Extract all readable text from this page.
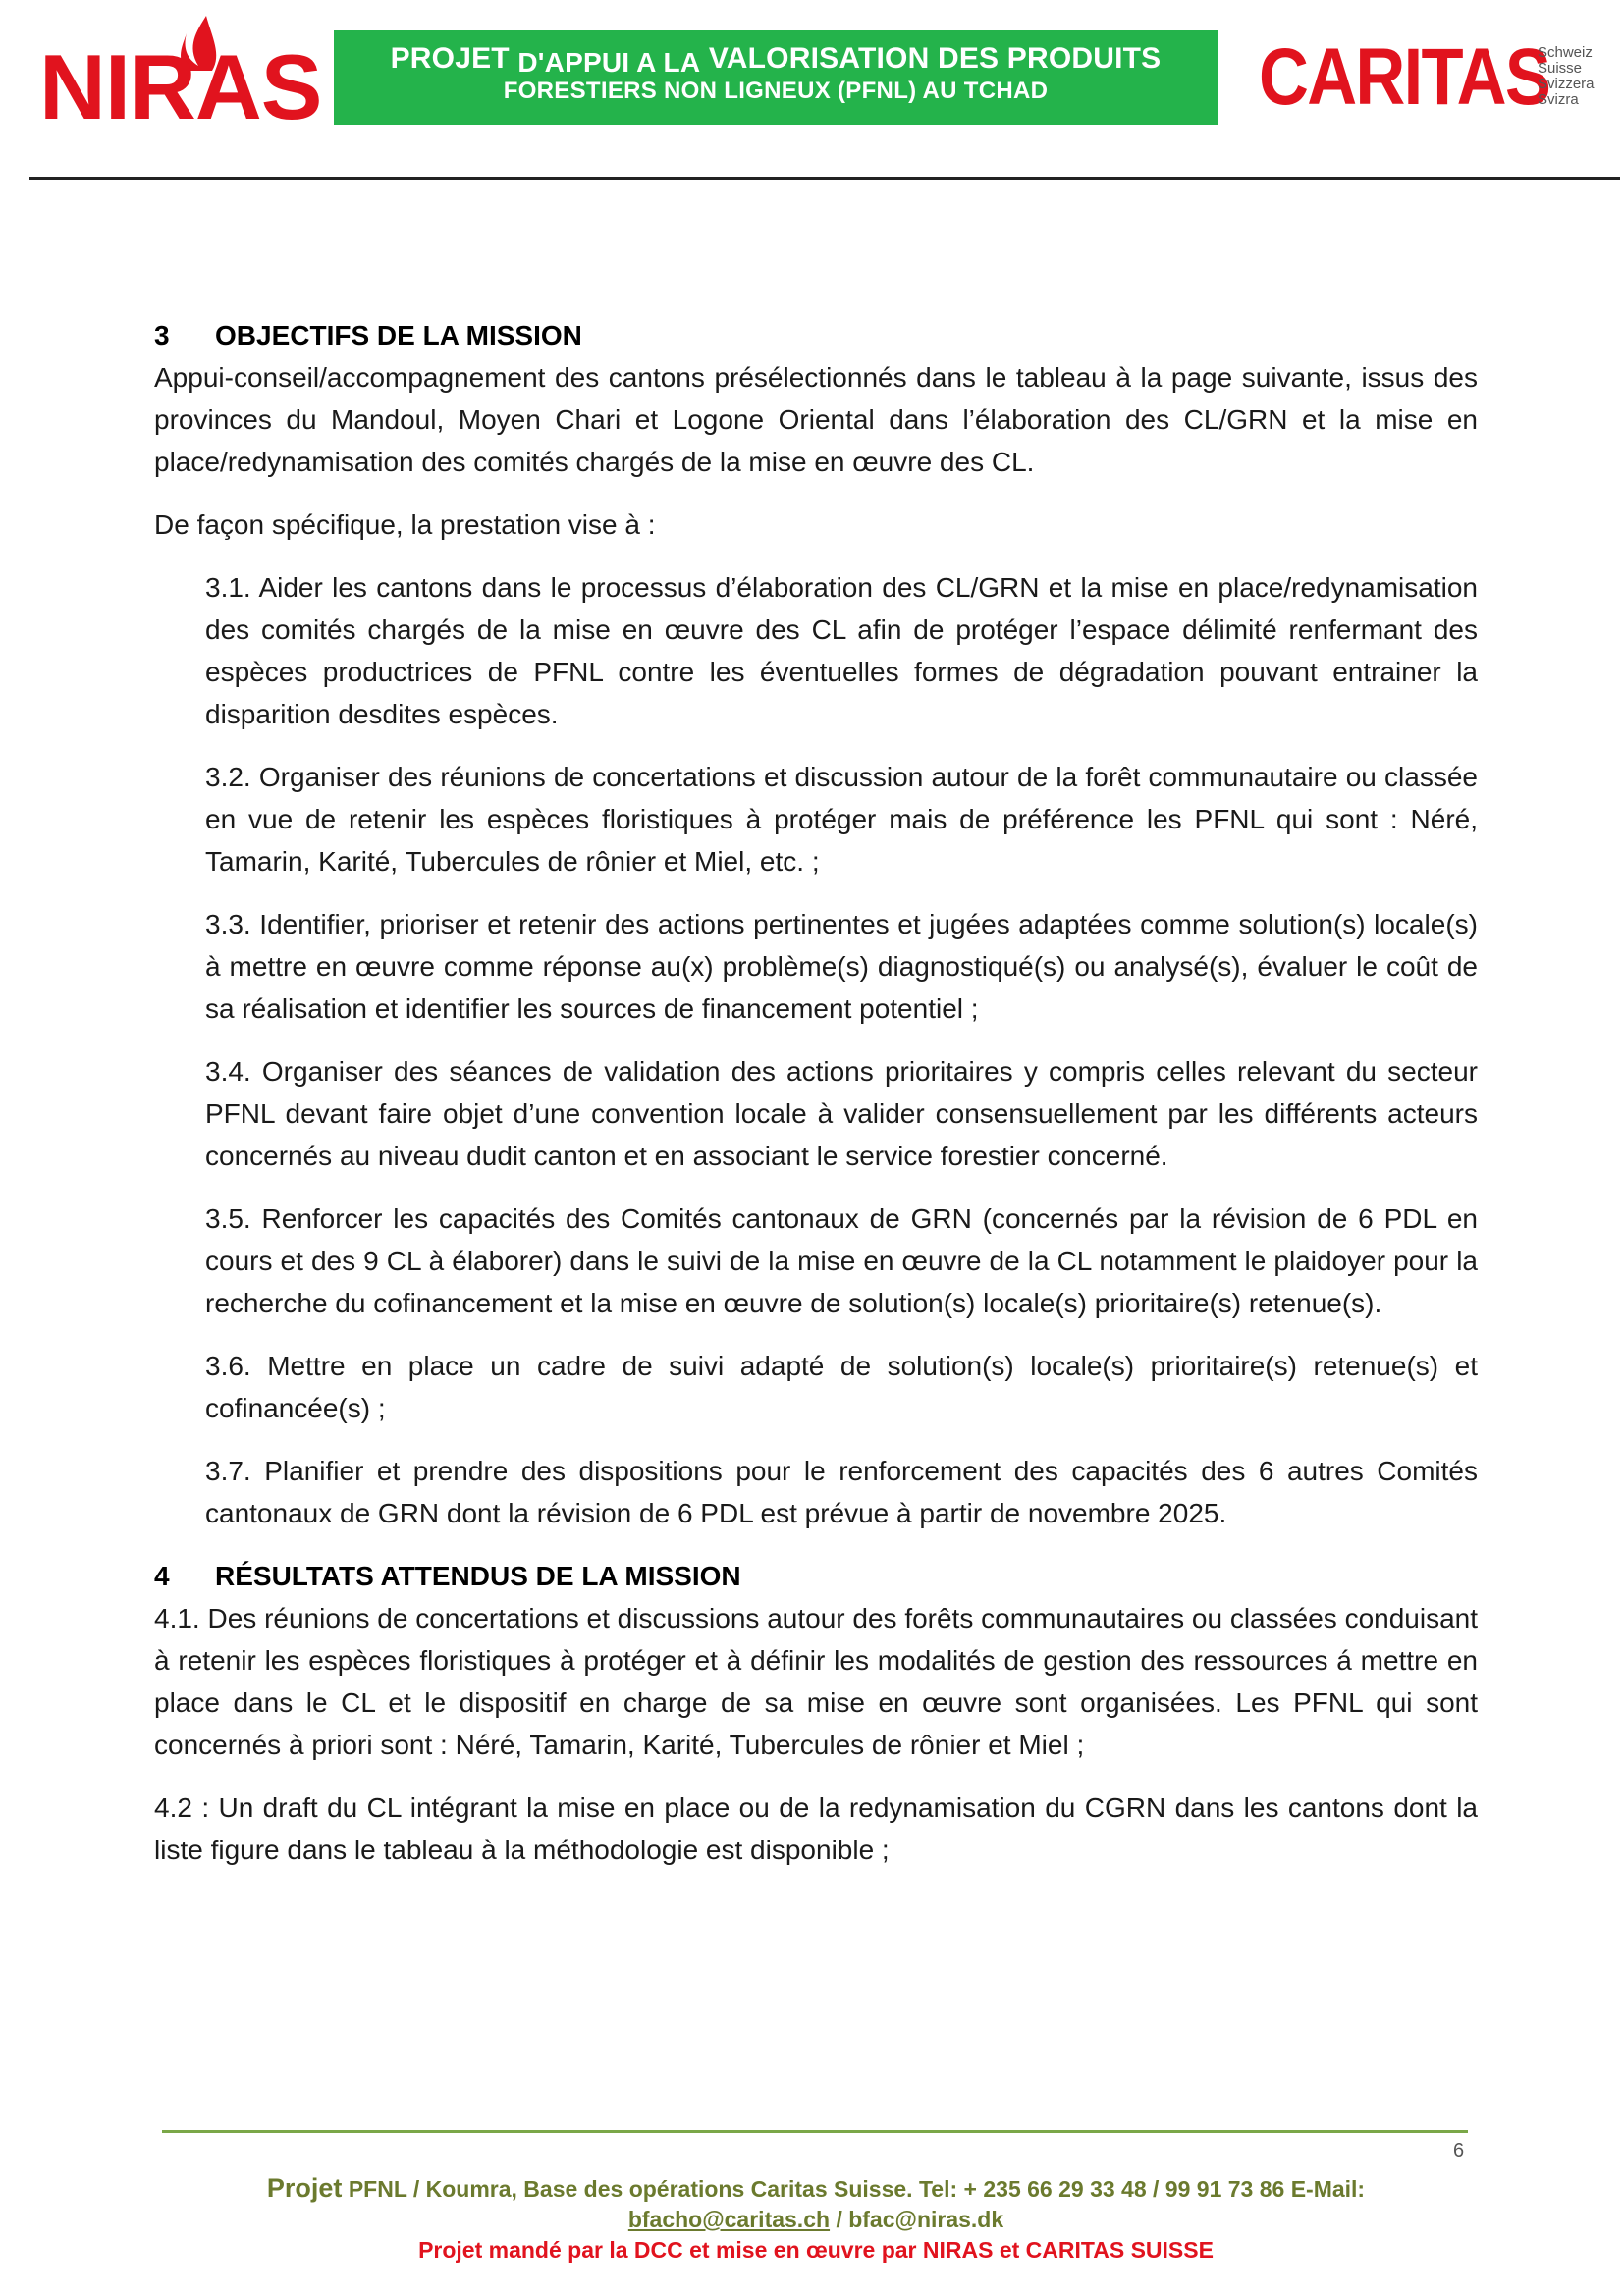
NIRAS	PROJET D'APPUI A LA VALORISATION DES PRODUITS
FORESTIERS NON LIGNEUX (PFNL) AU TCHAD	CARITAS
Schweiz
Suisse
Svizzera
Svizra
3 OBJECTIFS DE LA MISSION

Appui-conseil/accompagnement des cantons présélectionnés dans le tableau à la page suivante, issus des provinces du Mandoul, Moyen Chari et Logone Oriental dans l’élaboration des CL/GRN et la mise en place/redynamisation des comités chargés de la mise en œuvre des CL.

De façon spécifique, la prestation vise à :

3.1. Aider les cantons dans le processus d’élaboration des CL/GRN et la mise en place/redynamisation des comités chargés de la mise en œuvre des CL afin de protéger l’espace délimité renfermant des espèces productrices de PFNL contre les éventuelles formes de dégradation pouvant entrainer la disparition desdites espèces.

3.2. Organiser des réunions de concertations et discussion autour de la forêt communautaire ou classée en vue de retenir les espèces floristiques à protéger mais de préférence les PFNL qui sont : Néré, Tamarin, Karité, Tubercules de rônier et Miel, etc. ;

3.3. Identifier, prioriser et retenir des actions pertinentes et jugées adaptées comme solution(s) locale(s) à mettre en œuvre comme réponse au(x) problème(s) diagnostiqué(s) ou analysé(s), évaluer le coût de sa réalisation et identifier les sources de financement potentiel ;

3.4. Organiser des séances de validation des actions prioritaires y compris celles relevant du secteur PFNL devant faire objet d’une convention locale à valider consensuellement par les différents acteurs concernés au niveau dudit canton et en associant le service forestier concerné.

3.5. Renforcer les capacités des Comités cantonaux de GRN (concernés par la révision de 6 PDL en cours et des 9 CL à élaborer) dans le suivi de la mise en œuvre de la CL notamment le plaidoyer pour la recherche du cofinancement et la mise en œuvre de solution(s) locale(s) prioritaire(s) retenue(s).

3.6. Mettre en place un cadre de suivi adapté de solution(s) locale(s) prioritaire(s) retenue(s) et cofinancée(s) ;

3.7. Planifier et prendre des dispositions pour le renforcement des capacités des 6 autres Comités cantonaux de GRN dont la révision de 6 PDL est prévue à partir de novembre 2025.

4 RÉSULTATS ATTENDUS DE LA MISSION

4.1. Des réunions de concertations et discussions autour des forêts communautaires ou classées conduisant à retenir les espèces floristiques à protéger et à définir les modalités de gestion des ressources á mettre en place dans le CL et le dispositif en charge de sa mise en œuvre sont organisées. Les PFNL qui sont concernés à priori sont : Néré, Tamarin, Karité, Tubercules de rônier et Miel ;

4.2 : Un draft du CL intégrant la mise en place ou de la redynamisation du CGRN dans les cantons dont la liste figure dans le tableau à la méthodologie est disponible ;

6
Projet PFNL / Koumra, Base des opérations Caritas Suisse. Tel: + 235 66 29 33 48 / 99 91 73 86 E-Mail:
bfacho@caritas.ch / bfac@niras.dk
Projet mandé par la DCC et mise en œuvre par NIRAS et CARITAS SUISSE
